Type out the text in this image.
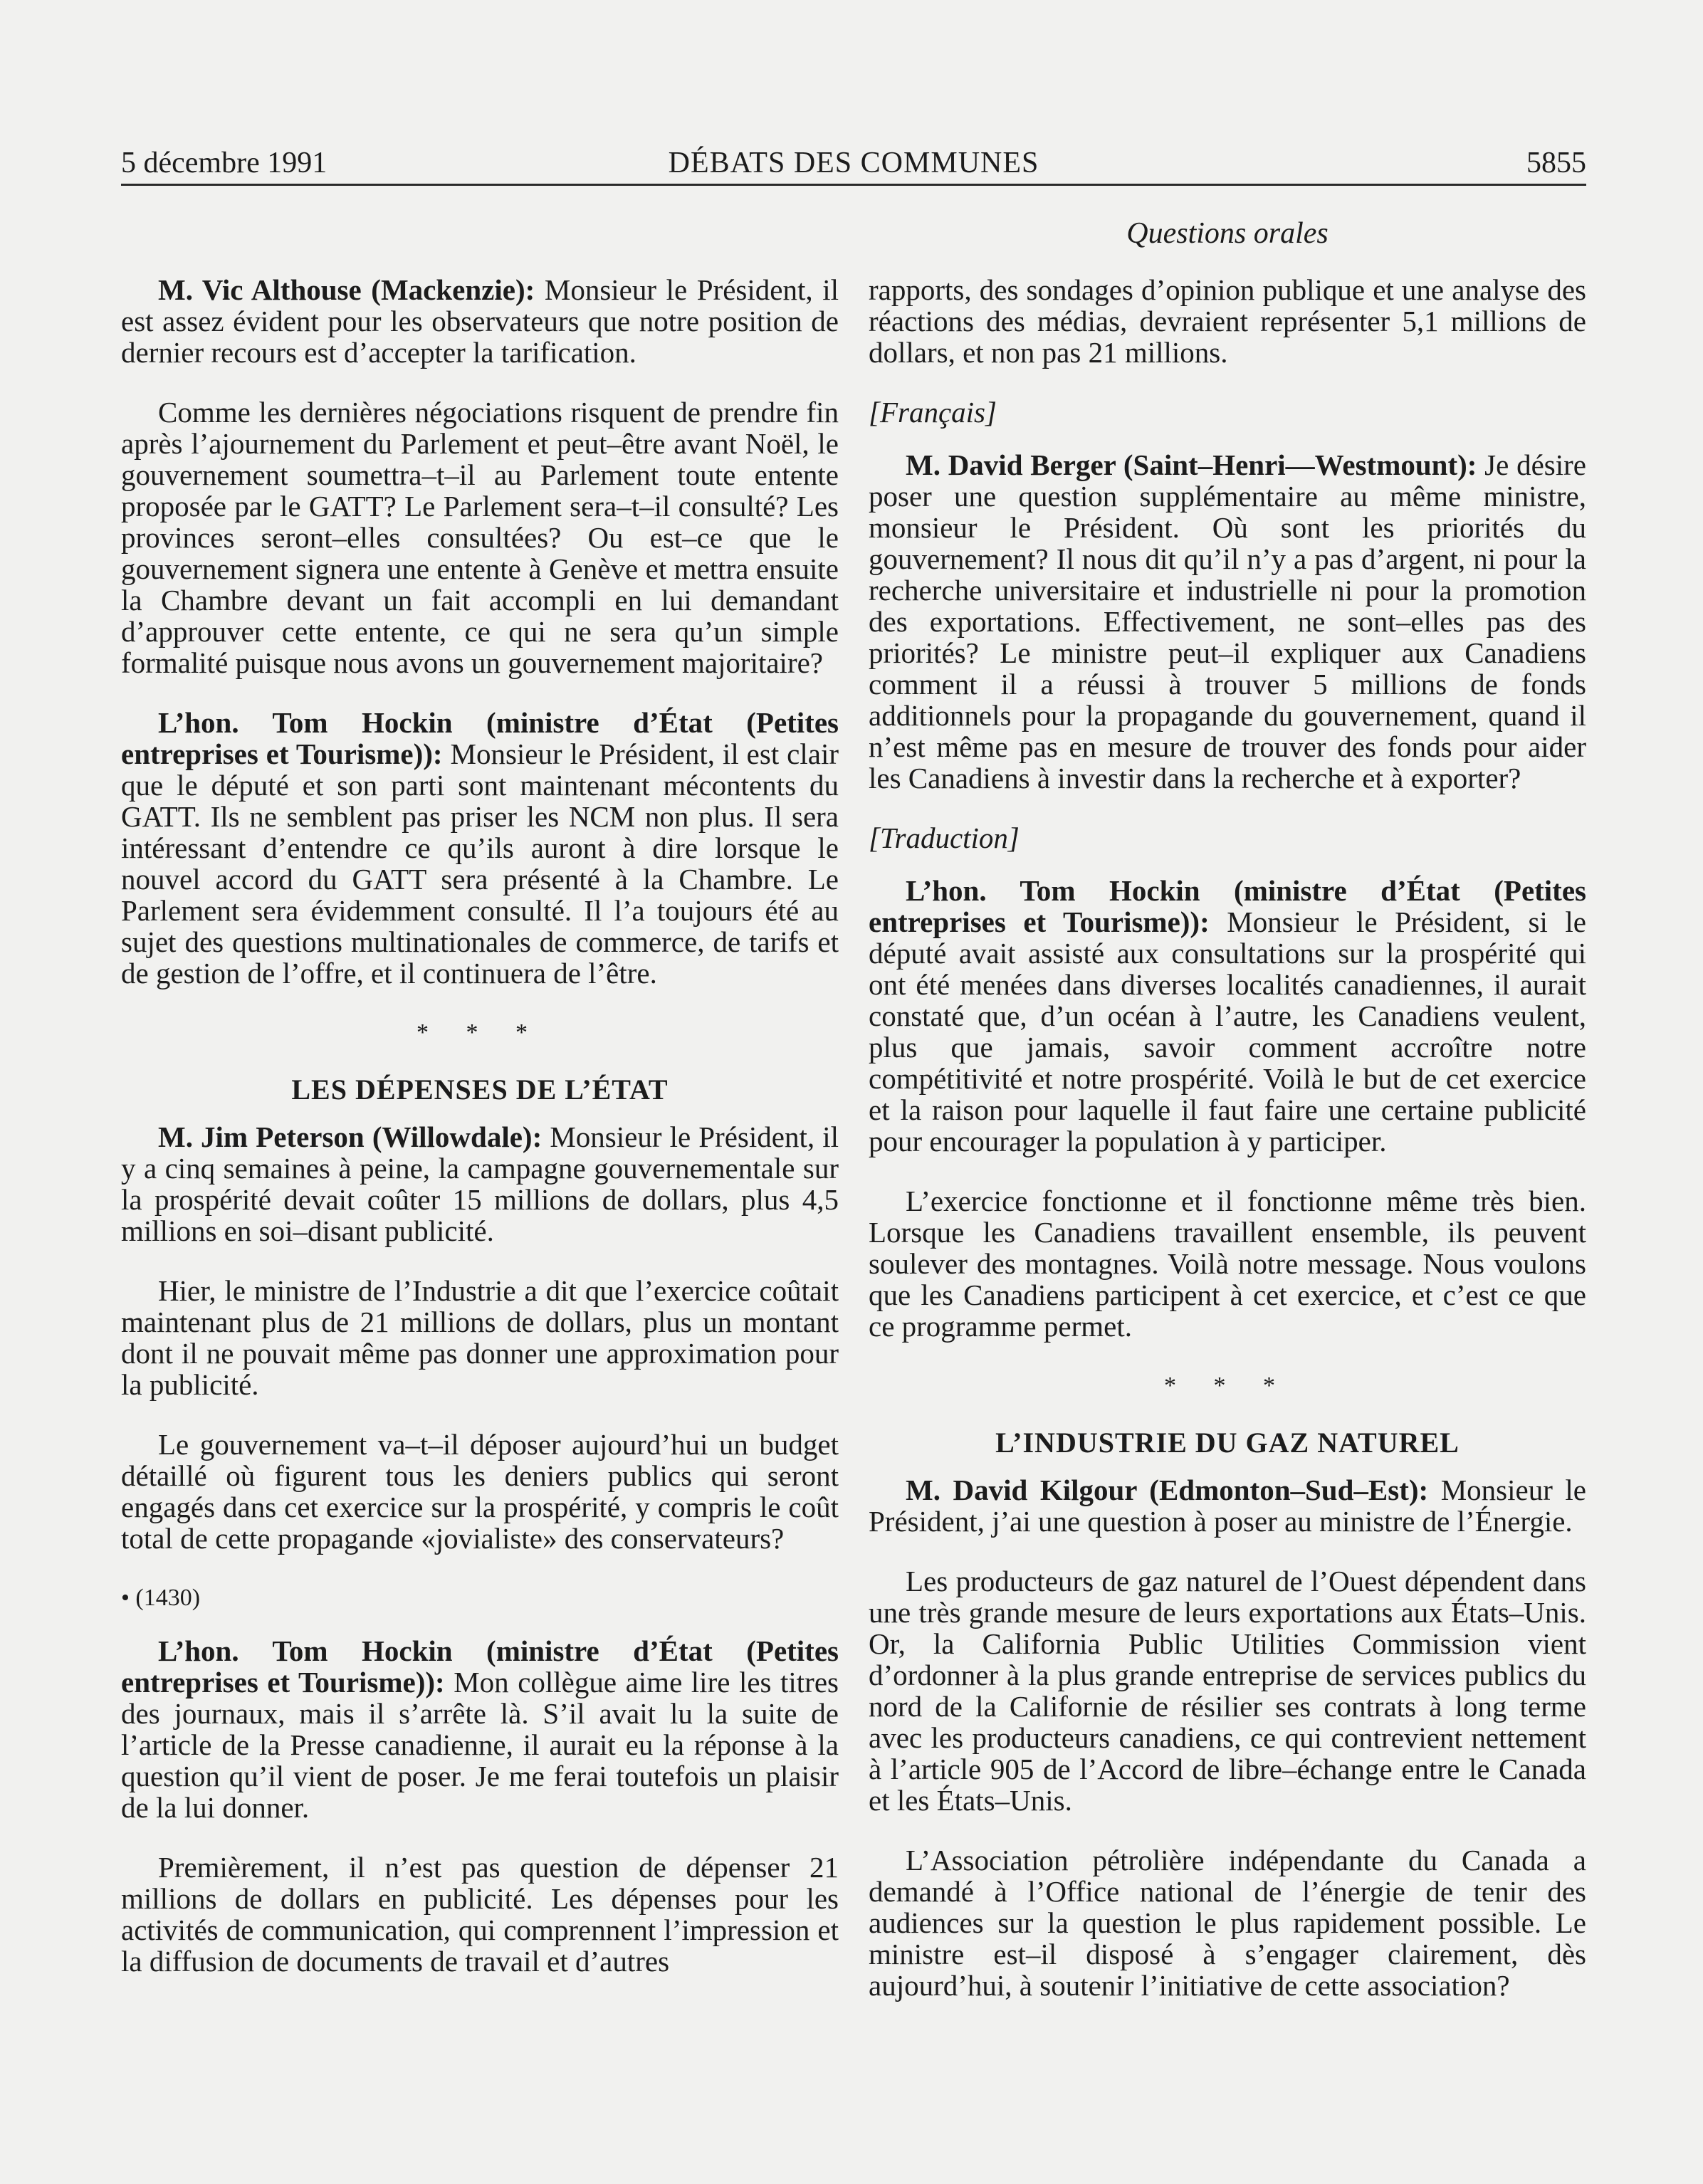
5 décembre 1991	DÉBATS DES COMMUNES	5855
Questions orales

M. Vic Althouse (Mackenzie): Monsieur le Président, il est assez évident pour les observateurs que notre position de dernier recours est d’accepter la tarification.

Comme les dernières négociations risquent de prendre fin après l’ajournement du Parlement et peut–être avant Noël, le gouvernement soumettra–t–il au Parlement toute entente proposée par le GATT? Le Parlement sera–t–il consulté? Les provinces seront–elles consultées? Ou est–ce que le gouvernement signera une entente à Genève et mettra ensuite la Chambre devant un fait accompli en lui demandant d’approuver cette entente, ce qui ne sera qu’un simple formalité puisque nous avons un gouvernement majoritaire?

L’hon. Tom Hockin (ministre d’État (Petites entreprises et Tourisme)): Monsieur le Président, il est clair que le député et son parti sont maintenant mécontents du GATT. Ils ne semblent pas priser les NCM non plus. Il sera intéressant d’entendre ce qu’ils auront à dire lorsque le nouvel accord du GATT sera présenté à la Chambre. Le Parlement sera évidemment consulté. Il l’a toujours été au sujet des questions multinationales de commerce, de tarifs et de gestion de l’offre, et il continuera de l’être.

* * *
LES DÉPENSES DE L’ÉTAT

M. Jim Peterson (Willowdale): Monsieur le Président, il y a cinq semaines à peine, la campagne gouvernementale sur la prospérité devait coûter 15 millions de dollars, plus 4,5 millions en soi–disant publicité.

Hier, le ministre de l’Industrie a dit que l’exercice coûtait maintenant plus de 21 millions de dollars, plus un montant dont il ne pouvait même pas donner une approximation pour la publicité.

Le gouvernement va–t–il déposer aujourd’hui un budget détaillé où figurent tous les deniers publics qui seront engagés dans cet exercice sur la prospérité, y compris le coût total de cette propagande «jovialiste» des conservateurs?

• (1430)

L’hon. Tom Hockin (ministre d’État (Petites entreprises et Tourisme)): Mon collègue aime lire les titres des journaux, mais il s’arrête là. S’il avait lu la suite de l’article de la Presse canadienne, il aurait eu la réponse à la question qu’il vient de poser. Je me ferai toutefois un plaisir de la lui donner.

Premièrement, il n’est pas question de dépenser 21 millions de dollars en publicité. Les dépenses pour les activités de communication, qui comprennent l’impression et la diffusion de documents de travail et d’autres

rapports, des sondages d’opinion publique et une analyse des réactions des médias, devraient représenter 5,1 millions de dollars, et non pas 21 millions.

[Français]

M. David Berger (Saint–Henri—Westmount): Je désire poser une question supplémentaire au même ministre, monsieur le Président. Où sont les priorités du gouvernement? Il nous dit qu’il n’y a pas d’argent, ni pour la recherche universitaire et industrielle ni pour la promotion des exportations. Effectivement, ne sont–elles pas des priorités? Le ministre peut–il expliquer aux Canadiens comment il a réussi à trouver 5 millions de fonds additionnels pour la propagande du gouvernement, quand il n’est même pas en mesure de trouver des fonds pour aider les Canadiens à investir dans la recherche et à exporter?

[Traduction]

L’hon. Tom Hockin (ministre d’État (Petites entreprises et Tourisme)): Monsieur le Président, si le député avait assisté aux consultations sur la prospérité qui ont été menées dans diverses localités canadiennes, il aurait constaté que, d’un océan à l’autre, les Canadiens veulent, plus que jamais, savoir comment accroître notre compétitivité et notre prospérité. Voilà le but de cet exercice et la raison pour laquelle il faut faire une certaine publicité pour encourager la population à y participer.

L’exercice fonctionne et il fonctionne même très bien. Lorsque les Canadiens travaillent ensemble, ils peuvent soulever des montagnes. Voilà notre message. Nous voulons que les Canadiens participent à cet exercice, et c’est ce que ce programme permet.

* * *
L’INDUSTRIE DU GAZ NATUREL

M. David Kilgour (Edmonton–Sud–Est): Monsieur le Président, j’ai une question à poser au ministre de l’Énergie.

Les producteurs de gaz naturel de l’Ouest dépendent dans une très grande mesure de leurs exportations aux États–Unis. Or, la California Public Utilities Commission vient d’ordonner à la plus grande entreprise de services publics du nord de la Californie de résilier ses contrats à long terme avec les producteurs canadiens, ce qui contrevient nettement à l’article 905 de l’Accord de libre–échange entre le Canada et les États–Unis.

L’Association pétrolière indépendante du Canada a demandé à l’Office national de l’énergie de tenir des audiences sur la question le plus rapidement possible. Le ministre est–il disposé à s’engager clairement, dès aujourd’hui, à soutenir l’initiative de cette association?
